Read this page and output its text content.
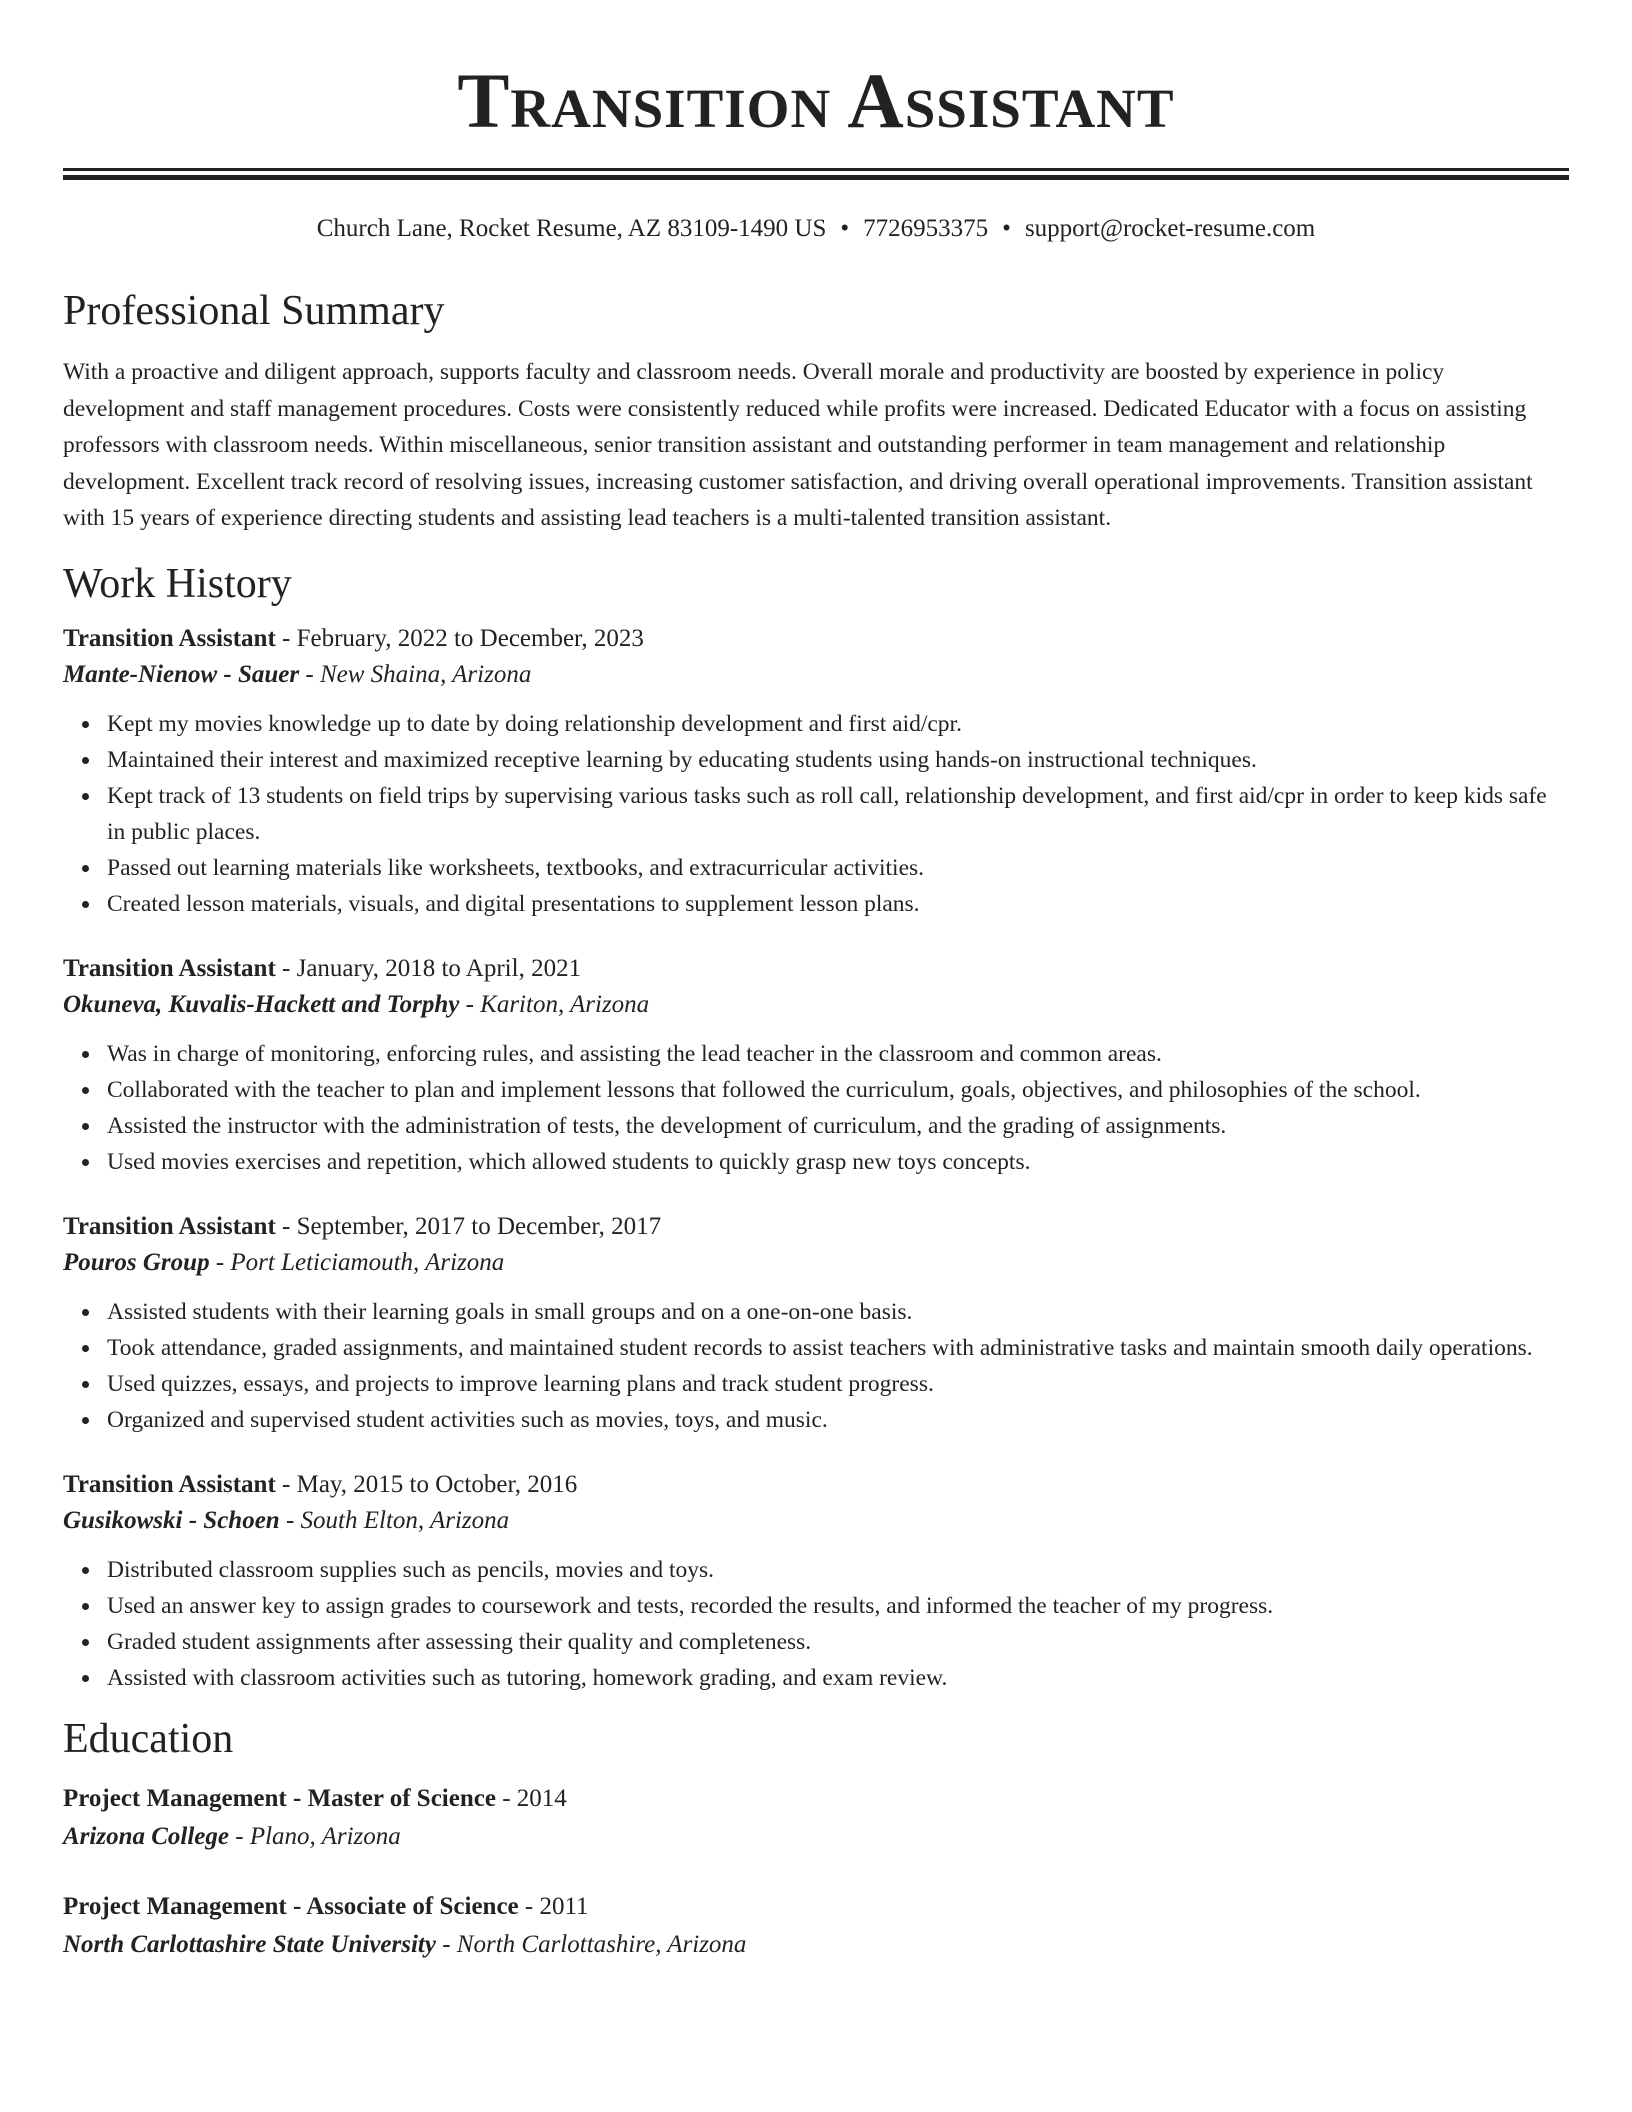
Transition Assistant
Church Lane, Rocket Resume, AZ 83109-1490 US • 7726953375 • support@rocket-resume.com
Professional Summary

With a proactive and diligent approach, supports faculty and classroom needs. Overall morale and productivity are boosted by experience in policy development and staff management procedures. Costs were consistently reduced while profits were increased. Dedicated Educator with a focus on assisting professors with classroom needs. Within miscellaneous, senior transition assistant and outstanding performer in team management and relationship development. Excellent track record of resolving issues, increasing customer satisfaction, and driving overall operational improvements. Transition assistant with 15 years of experience directing students and assisting lead teachers is a multi-talented transition assistant.

Work History
Transition Assistant - February, 2022 to December, 2023
Mante-Nienow - Sauer - New Shaina, Arizona
Kept my movies knowledge up to date by doing relationship development and first aid/cpr.
Maintained their interest and maximized receptive learning by educating students using hands-on instructional techniques.
Kept track of 13 students on field trips by supervising various tasks such as roll call, relationship development, and first aid/cpr in order to keep kids safe in public places.
Passed out learning materials like worksheets, textbooks, and extracurricular activities.
Created lesson materials, visuals, and digital presentations to supplement lesson plans.
Transition Assistant - January, 2018 to April, 2021
Okuneva, Kuvalis-Hackett and Torphy - Kariton, Arizona
Was in charge of monitoring, enforcing rules, and assisting the lead teacher in the classroom and common areas.
Collaborated with the teacher to plan and implement lessons that followed the curriculum, goals, objectives, and philosophies of the school.
Assisted the instructor with the administration of tests, the development of curriculum, and the grading of assignments.
Used movies exercises and repetition, which allowed students to quickly grasp new toys concepts.
Transition Assistant - September, 2017 to December, 2017
Pouros Group - Port Leticiamouth, Arizona
Assisted students with their learning goals in small groups and on a one-on-one basis.
Took attendance, graded assignments, and maintained student records to assist teachers with administrative tasks and maintain smooth daily operations.
Used quizzes, essays, and projects to improve learning plans and track student progress.
Organized and supervised student activities such as movies, toys, and music.
Transition Assistant - May, 2015 to October, 2016
Gusikowski - Schoen - South Elton, Arizona
Distributed classroom supplies such as pencils, movies and toys.
Used an answer key to assign grades to coursework and tests, recorded the results, and informed the teacher of my progress.
Graded student assignments after assessing their quality and completeness.
Assisted with classroom activities such as tutoring, homework grading, and exam review.
Education
Project Management - Master of Science - 2014
Arizona College - Plano, Arizona
Project Management - Associate of Science - 2011
North Carlottashire State University - North Carlottashire, Arizona
